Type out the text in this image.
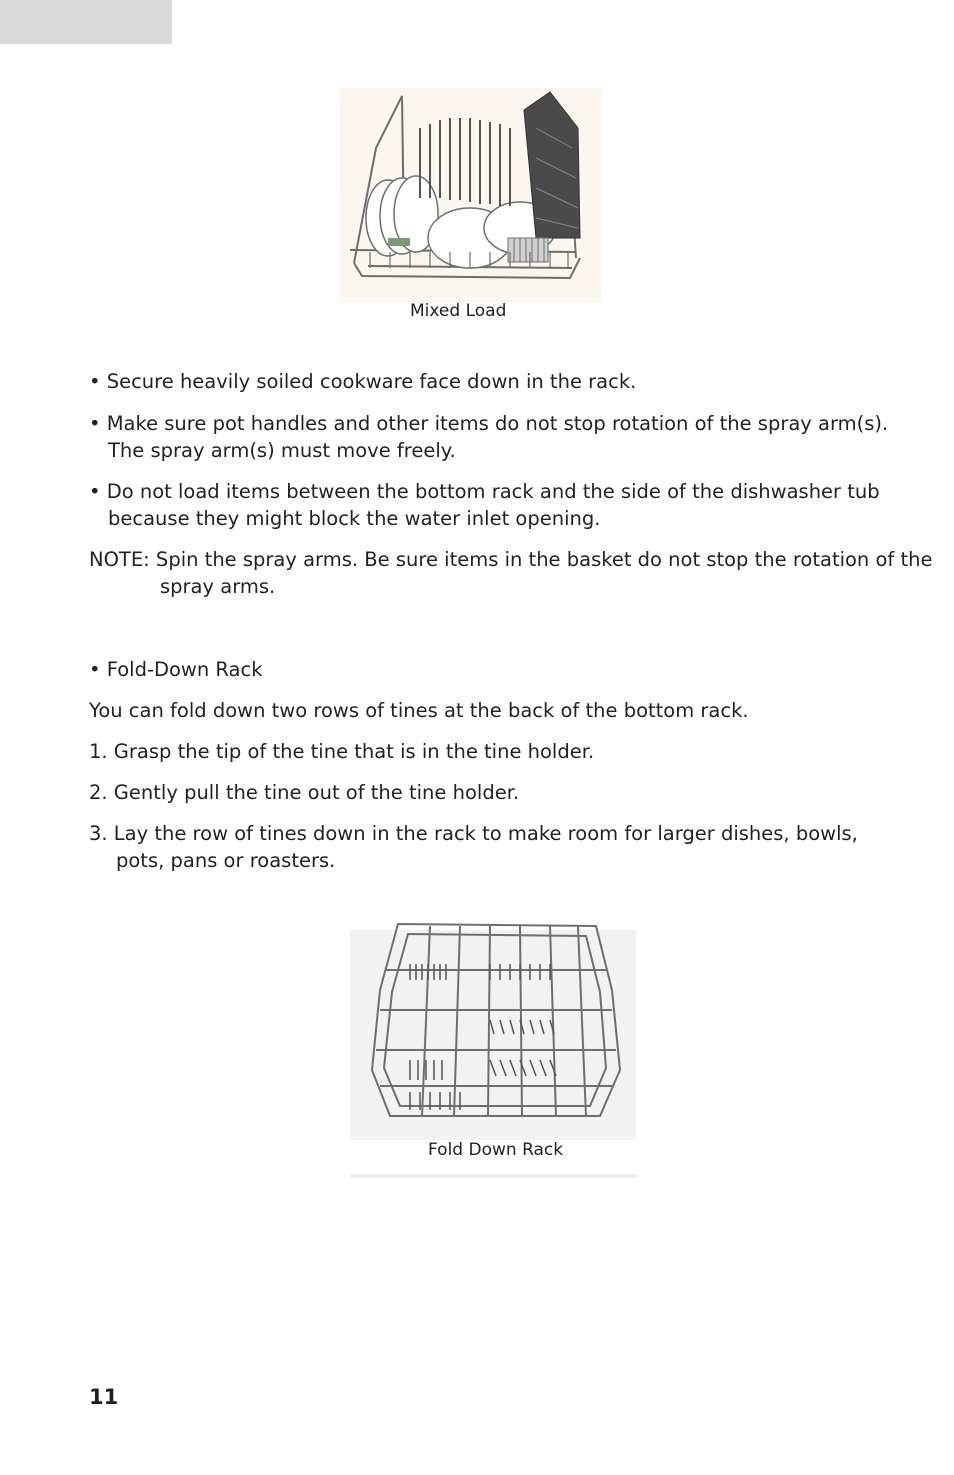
Mixed Load
• Secure heavily soiled cookware face down in the rack.
• Make sure pot handles and other items do not stop rotation of the spray arm(s). The spray arm(s) must move freely.
• Do not load items between the bottom rack and the side of the dishwasher tub because they might block the water inlet opening.
NOTE: Spin the spray arms. Be sure items in the basket do not stop the rotation of the spray arms.
• Fold-Down Rack
You can fold down two rows of tines at the back of the bottom rack.
1. Grasp the tip of the tine that is in the tine holder.
2. Gently pull the tine out of the tine holder.
3. Lay the row of tines down in the rack to make room for larger dishes, bowls, pots, pans or roasters.
Fold Down Rack
11
